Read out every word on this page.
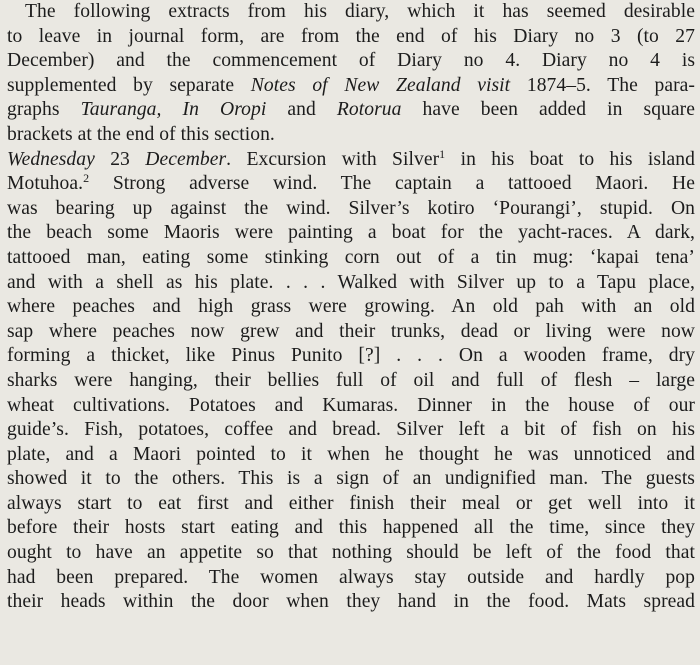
The following extracts from his diary, which it has seemed desirable
to leave in journal form, are from the end of his Diary no 3 (to 27
December) and the commencement of Diary no 4. Diary no 4 is
supplemented by separate Notes of New Zealand visit 1874–5. The para-
graphs Tauranga, In Oropi and Rotorua have been added in square
brackets at the end of this section.
Wednesday 23 December. Excursion with Silver$^1$ in his boat to his island
Motuhoa.$^2$ Strong adverse wind. The captain a tattooed Maori. He
was bearing up against the wind. Silver’s kotiro ‘Pourangi’, stupid. On
the beach some Maoris were painting a boat for the yacht-races. A dark,
tattooed man, eating some stinking corn out of a tin mug: ‘kapai tena’
and with a shell as his plate. . . . Walked with Silver up to a Tapu place,
where peaches and high grass were growing. An old pah with an old
sap where peaches now grew and their trunks, dead or living were now
forming a thicket, like Pinus Punito [?] . . . On a wooden frame, dry
sharks were hanging, their bellies full of oil and full of flesh – large
wheat cultivations. Potatoes and Kumaras. Dinner in the house of our
guide’s. Fish, potatoes, coffee and bread. Silver left a bit of fish on his
plate, and a Maori pointed to it when he thought he was unnoticed and
showed it to the others. This is a sign of an undignified man. The guests
always start to eat first and either finish their meal or get well into it
before their hosts start eating and this happened all the time, since they
ought to have an appetite so that nothing should be left of the food that
had been prepared. The women always stay outside and hardly pop
their heads within the door when they hand in the food. Mats spread
